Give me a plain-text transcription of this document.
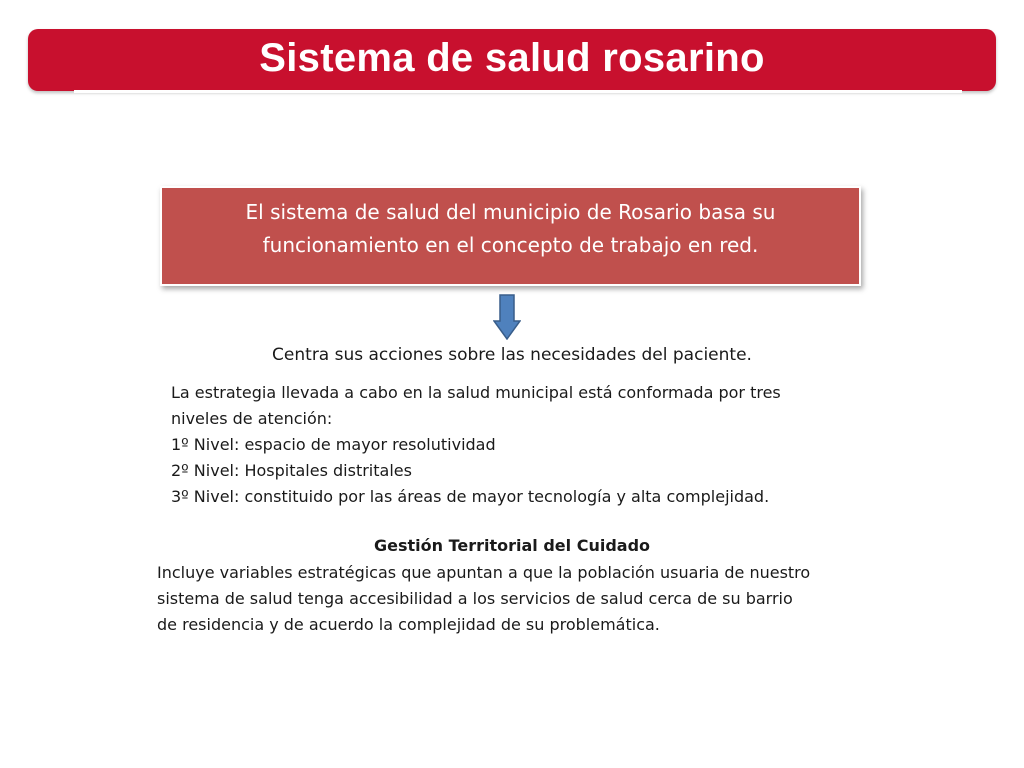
Sistema de salud rosarino
El sistema de salud del municipio de Rosario basa su
funcionamiento en el concepto de trabajo en red.
Centra sus acciones sobre las necesidades del paciente.
La estrategia llevada a cabo en la salud municipal está conformada por tres
niveles de atención:
1º Nivel: espacio de mayor resolutividad
2º Nivel: Hospitales distritales
3º Nivel: constituido por las áreas de mayor tecnología y alta complejidad.
Gestión Territorial del Cuidado
Incluye variables estratégicas que apuntan a que la población usuaria de nuestro
sistema de salud tenga accesibilidad a los servicios de salud cerca de su barrio
de residencia y de acuerdo la complejidad de su problemática.
